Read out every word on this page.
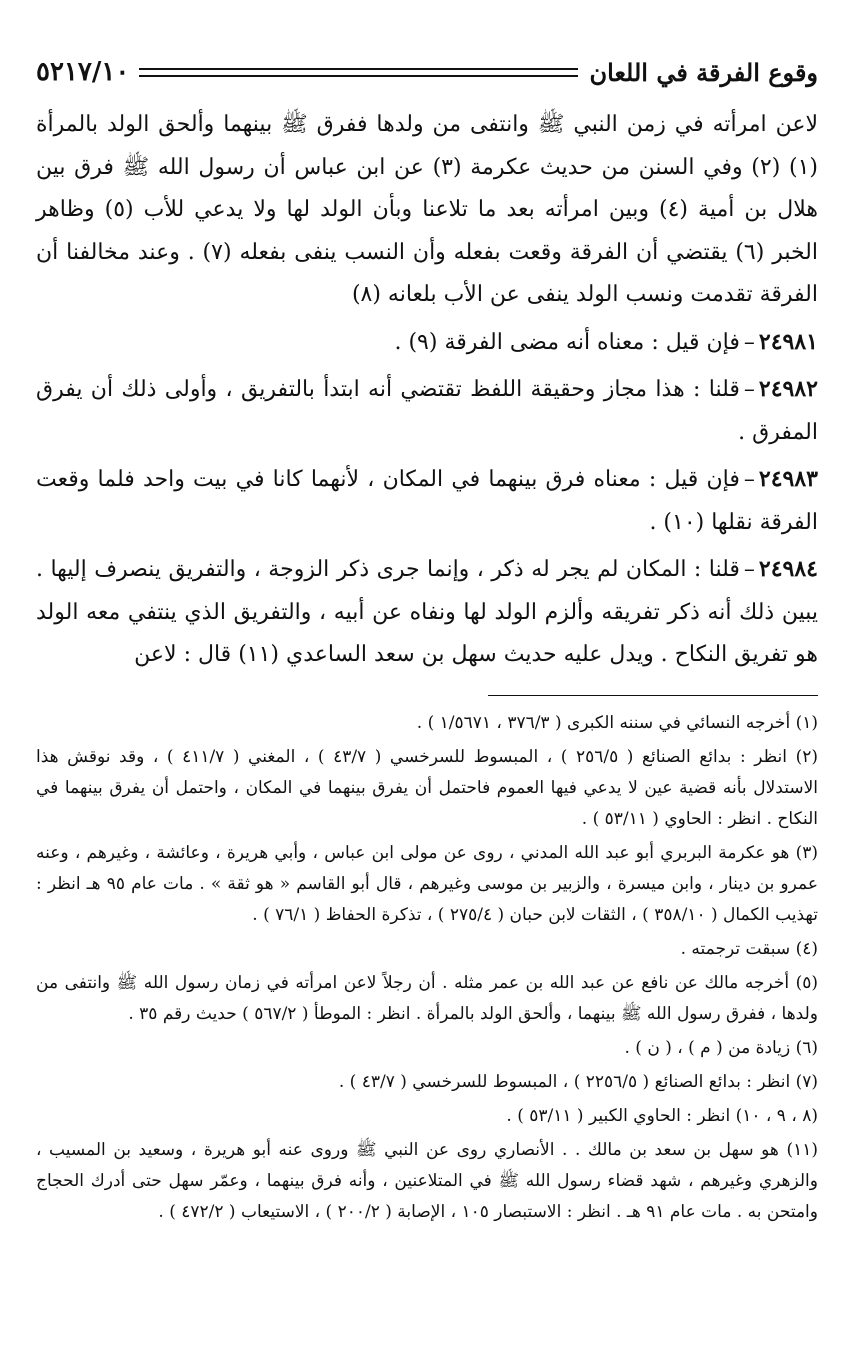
وقوع الفرقة في اللعان
٥٢١٧/١٠

لاعن امرأته في زمن النبي ﷺ وانتفى من ولدها ففرق ﷺ بينهما وألحق الولد بالمرأة (١) (٢) وفي السنن من حديث عكرمة (٣) عن ابن عباس أن رسول الله ﷺ فرق بين هلال بن أمية (٤) وبين امرأته بعد ما تلاعنا وبأن الولد لها ولا يدعي للأب (٥) وظاهر الخبر (٦) يقتضي أن الفرقة وقعت بفعله وأن النسب ينفى بفعله (٧) . وعند مخالفنا أن الفرقة تقدمت ونسب الولد ينفى عن الأب بلعانه (٨)

٢٤٩٨١–فإن قيل : معناه أنه مضى الفرقة (٩) .

٢٤٩٨٢–قلنا : هذا مجاز وحقيقة اللفظ تقتضي أنه ابتدأ بالتفريق ، وأولى ذلك أن يفرق المفرق .

٢٤٩٨٣–فإن قيل : معناه فرق بينهما في المكان ، لأنهما كانا في بيت واحد فلما وقعت الفرقة نقلها (١٠) .

٢٤٩٨٤–قلنا : المكان لم يجر له ذكر ، وإنما جرى ذكر الزوجة ، والتفريق ينصرف إليها . يبين ذلك أنه ذكر تفريقه وألزم الولد لها ونفاه عن أبيه ، والتفريق الذي ينتفي معه الولد هو تفريق النكاح . ويدل عليه حديث سهل بن سعد الساعدي (١١) قال : لاعن

(١) أخرجه النسائي في سننه الكبرى ( ٣٧٦/٣ ، ١/٥٦٧١ ) .

(٢) انظر : بدائع الصنائع ( ٢٥٦/٥ ) ، المبسوط للسرخسي ( ٤٣/٧ ) ، المغني ( ٤١١/٧ ) ، وقد نوقش هذا الاستدلال بأنه قضية عين لا يدعي فيها العموم فاحتمل أن يفرق بينهما في المكان ، واحتمل أن يفرق بينهما في النكاح . انظر : الحاوي ( ٥٣/١١ ) .

(٣) هو عكرمة البربري أبو عبد الله المدني ، روى عن مولى ابن عباس ، وأبي هريرة ، وعائشة ، وغيرهم ، وعنه عمرو بن دينار ، وابن ميسرة ، والزبير بن موسى وغيرهم ، قال أبو القاسم « هو ثقة » . مات عام ٩٥ هـ انظر : تهذيب الكمال ( ٣٥٨/١٠ ) ، الثقات لابن حبان ( ٢٧٥/٤ ) ، تذكرة الحفاظ ( ٧٦/١ ) .

(٤) سبقت ترجمته .

(٥) أخرجه مالك عن نافع عن عبد الله بن عمر مثله . أن رجلاً لاعن امرأته في زمان رسول الله ﷺ وانتفى من ولدها ، ففرق رسول الله ﷺ بينهما ، وألحق الولد بالمرأة . انظر : الموطأ ( ٥٦٧/٢ ) حديث رقم ٣٥ .

(٦) زيادة من ( م ) ، ( ن ) .

(٧) انظر : بدائع الصنائع ( ٢٢٥٦/٥ ) ، المبسوط للسرخسي ( ٤٣/٧ ) .

(٨ ، ٩ ، ١٠) انظر : الحاوي الكبير ( ٥٣/١١ ) .

(١١) هو سهل بن سعد بن مالك . . الأنصاري روى عن النبي ﷺ وروى عنه أبو هريرة ، وسعيد بن المسيب ، والزهري وغيرهم ، شهد قضاء رسول الله ﷺ في المتلاعنين ، وأنه فرق بينهما ، وعمّر سهل حتى أدرك الحجاج وامتحن به . مات عام ٩١ هـ . انظر : الاستبصار ١٠٥ ، الإصابة ( ٢٠٠/٢ ) ، الاستيعاب ( ٤٧٢/٢ ) .
